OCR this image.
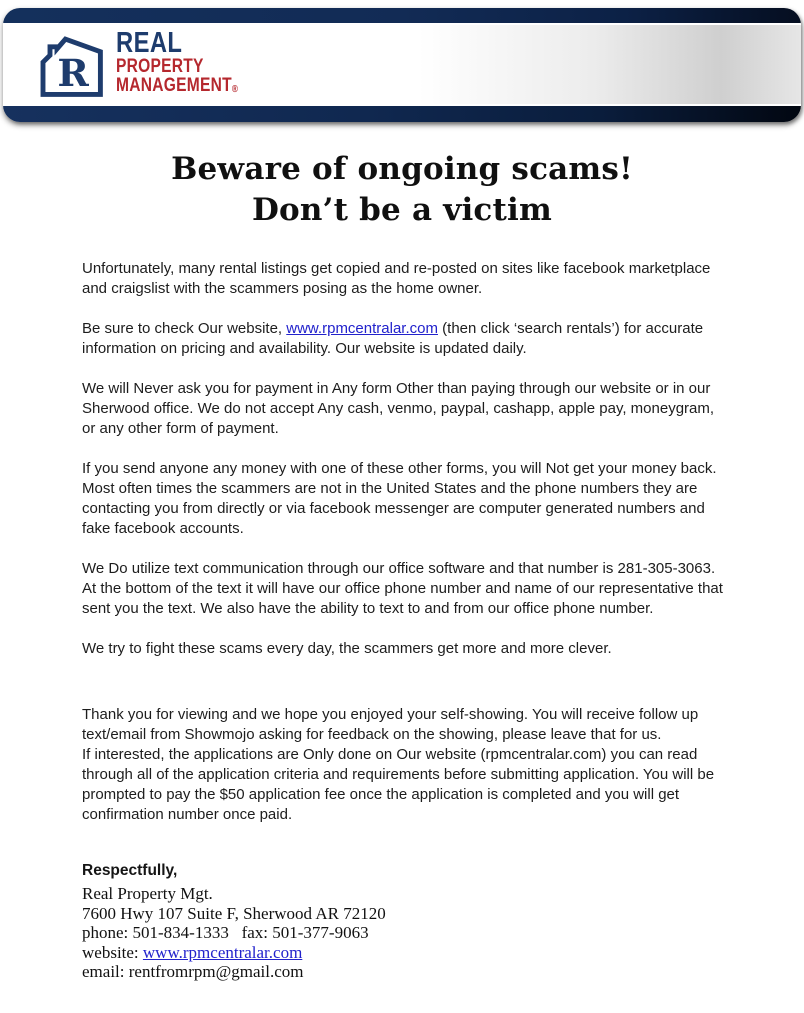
R
REAL
PROPERTY
MANAGEMENT®
Beware of ongoing scams!
Don’t be a victim

Unfortunately, many rental listings get copied and re-posted on sites like facebook marketplace and craigslist with the scammers posing as the home owner.

Be sure to check Our website, www.rpmcentralar.com (then click ‘search rentals’) for accurate information on pricing and availability. Our website is updated daily.

We will Never ask you for payment in Any form Other than paying through our website or in our Sherwood office. We do not accept Any cash, venmo, paypal, cashapp, apple pay, moneygram, or any other form of payment.

If you send anyone any money with one of these other forms, you will Not get your money back. Most often times the scammers are not in the United States and the phone numbers they are contacting you from directly or via facebook messenger are computer generated numbers and fake facebook accounts.

We Do utilize text communication through our office software and that number is 281-305-3063. At the bottom of the text it will have our office phone number and name of our representative that sent you the text. We also have the ability to text to and from our office phone number.

We try to fight these scams every day, the scammers get more and more clever.

Thank you for viewing and we hope you enjoyed your self-showing. You will receive follow up text/email from Showmojo asking for feedback on the showing, please leave that for us.

If interested, the applications are Only done on Our website (rpmcentralar.com) you can read through all of the application criteria and requirements before submitting application. You will be prompted to pay the $50 application fee once the application is completed and you will get confirmation number once paid.

Respectfully,
Real Property Mgt.
7600 Hwy 107 Suite F, Sherwood AR 72120
phone: 501-834-1333   fax: 501-377-9063
website: www.rpmcentralar.com
email: rentfromrpm@gmail.com
